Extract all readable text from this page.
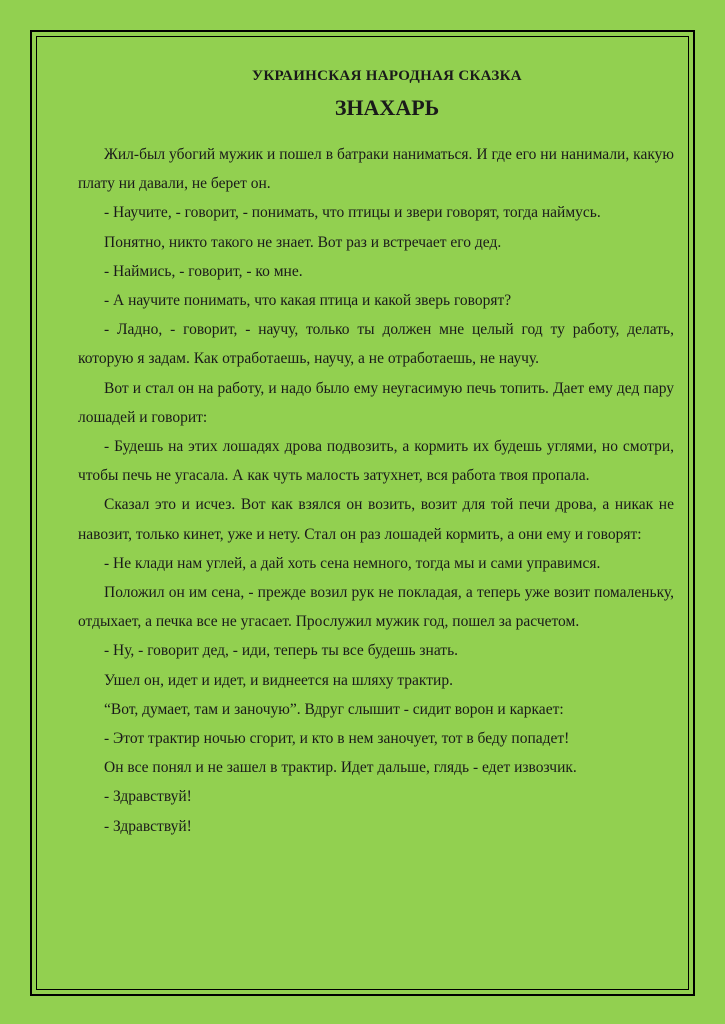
УКРАИНСКАЯ НАРОДНАЯ СКАЗКА
ЗНАХАРЬ

Жил-был убогий мужик и пошел в батраки наниматься. И где его ни нанимали, какую плату ни давали, не берет он.

- Научите, - говорит, - понимать, что птицы и звери говорят, тогда наймусь.

Понятно, никто такого не знает. Вот раз и встречает его дед.

- Наймись, - говорит, - ко мне.

- А научите понимать, что какая птица и какой зверь говорят?

- Ладно, - говорит, - научу, только ты должен мне целый год ту работу, делать, которую я задам. Как отработаешь, научу, а не отработаешь, не научу.

Вот и стал он на работу, и надо было ему неугасимую печь топить. Дает ему дед пару лошадей и говорит:

- Будешь на этих лошадях дрова подвозить, а кормить их будешь углями, но смотри, чтобы печь не угасала. А как чуть малость затухнет, вся работа твоя пропала.

Сказал это и исчез. Вот как взялся он возить, возит для той печи дрова, а никак не навозит, только кинет, уже и нету. Стал он раз лошадей кормить, а они ему и говорят:

- Не клади нам углей, а дай хоть сена немного, тогда мы и сами управимся.

Положил он им сена, - прежде возил рук не покладая, а теперь уже возит помаленьку, отдыхает, а печка все не угасает. Прослужил мужик год, пошел за расчетом.

- Ну, - говорит дед, - иди, теперь ты все будешь знать.

Ушел он, идет и идет, и виднеется на шляху трактир.

“Вот, думает, там и заночую”. Вдруг слышит - сидит ворон и каркает:

- Этот трактир ночью сгорит, и кто в нем заночует, тот в беду попадет!

Он все понял и не зашел в трактир. Идет дальше, глядь - едет извозчик.

- Здравствуй!

- Здравствуй!
